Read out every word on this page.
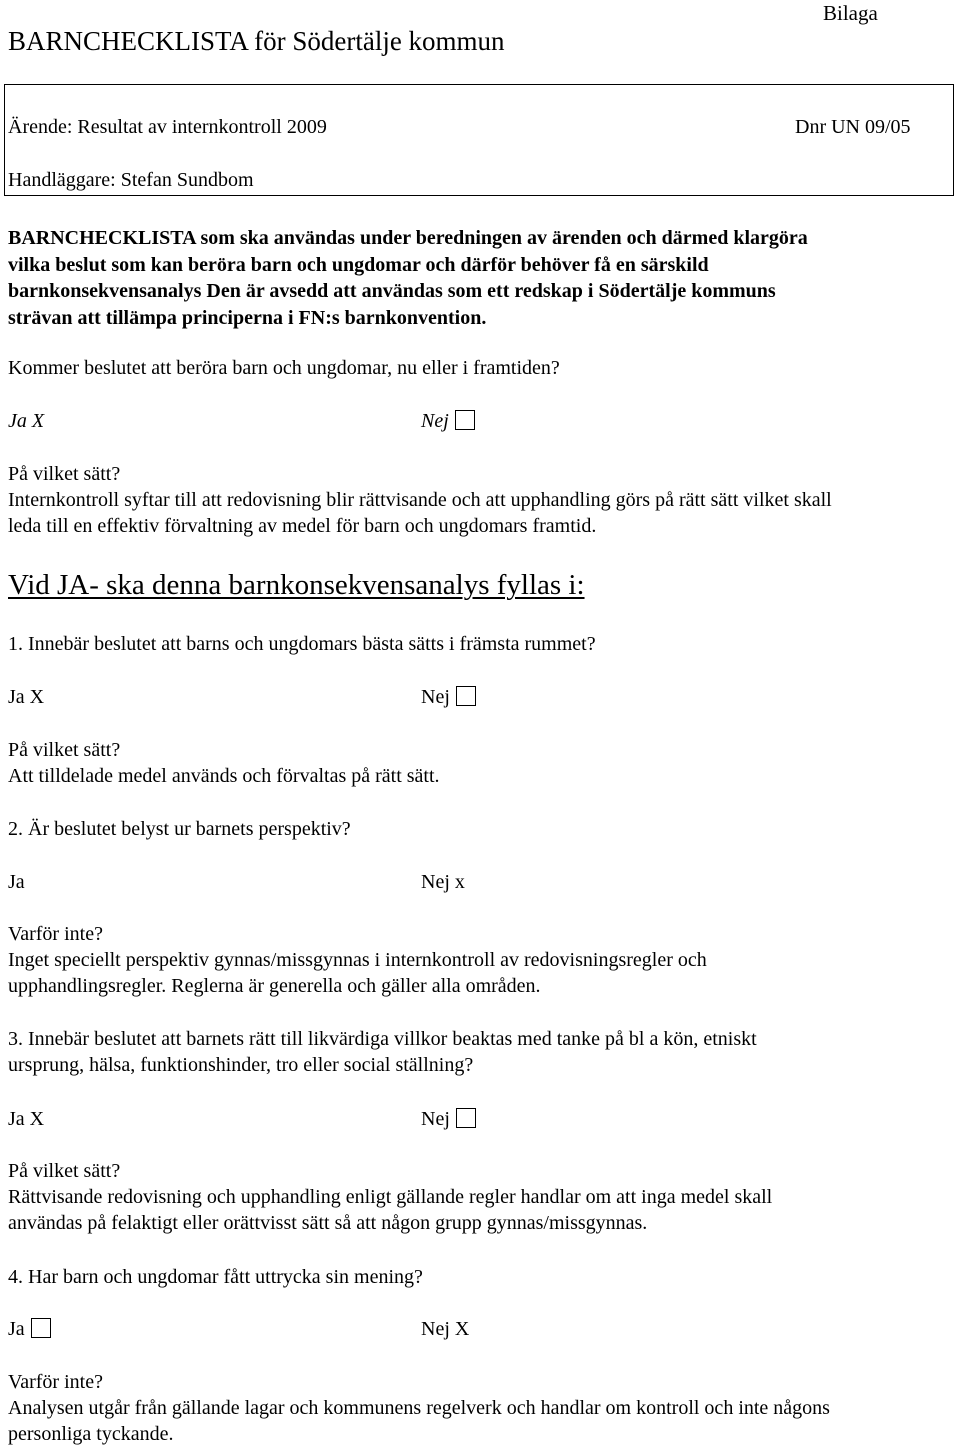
BARNCHECKLISTA för Södertälje kommun
Bilaga
Ärende: Resultat av internkontroll 2009	Dnr UN 09/05
Handläggare: Stefan Sundbom
BARNCHECKLISTA som ska användas under beredningen av ärenden och därmed klargöra
vilka beslut som kan beröra barn och ungdomar och därför behöver få en särskild
barnkonsekvensanalys Den är avsedd att användas som ett redskap i Södertälje kommuns
strävan att tillämpa principerna i FN:s barnkonvention.
Kommer beslutet att beröra barn och ungdomar, nu eller i framtiden?
Ja X	Nej
På vilket sätt?
Internkontroll syftar till att redovisning blir rättvisande och att upphandling görs på rätt sätt vilket skall
leda till en effektiv förvaltning av medel för barn och ungdomars framtid.
Vid JA- ska denna barnkonsekvensanalys fyllas i:
1. Innebär beslutet att barns och ungdomars bästa sätts i främsta rummet?
Ja X	Nej
På vilket sätt?
Att tilldelade medel används och förvaltas på rätt sätt.
2. Är beslutet belyst ur barnets perspektiv?
Ja	Nej x
Varför inte?
Inget speciellt perspektiv gynnas/missgynnas i internkontroll av redovisningsregler och
upphandlingsregler. Reglerna är generella och gäller alla områden.
3. Innebär beslutet att barnets rätt till likvärdiga villkor beaktas med tanke på bl a kön, etniskt
ursprung, hälsa, funktionshinder, tro eller social ställning?
Ja X	Nej
På vilket sätt?
Rättvisande redovisning och upphandling enligt gällande regler handlar om att inga medel skall
användas på felaktigt eller orättvisst sätt så att någon grupp gynnas/missgynnas.
4. Har barn och ungdomar fått uttrycka sin mening?
Ja	Nej X
Varför inte?
Analysen utgår från gällande lagar och kommunens regelverk och handlar om kontroll och inte någons
personliga tyckande.
